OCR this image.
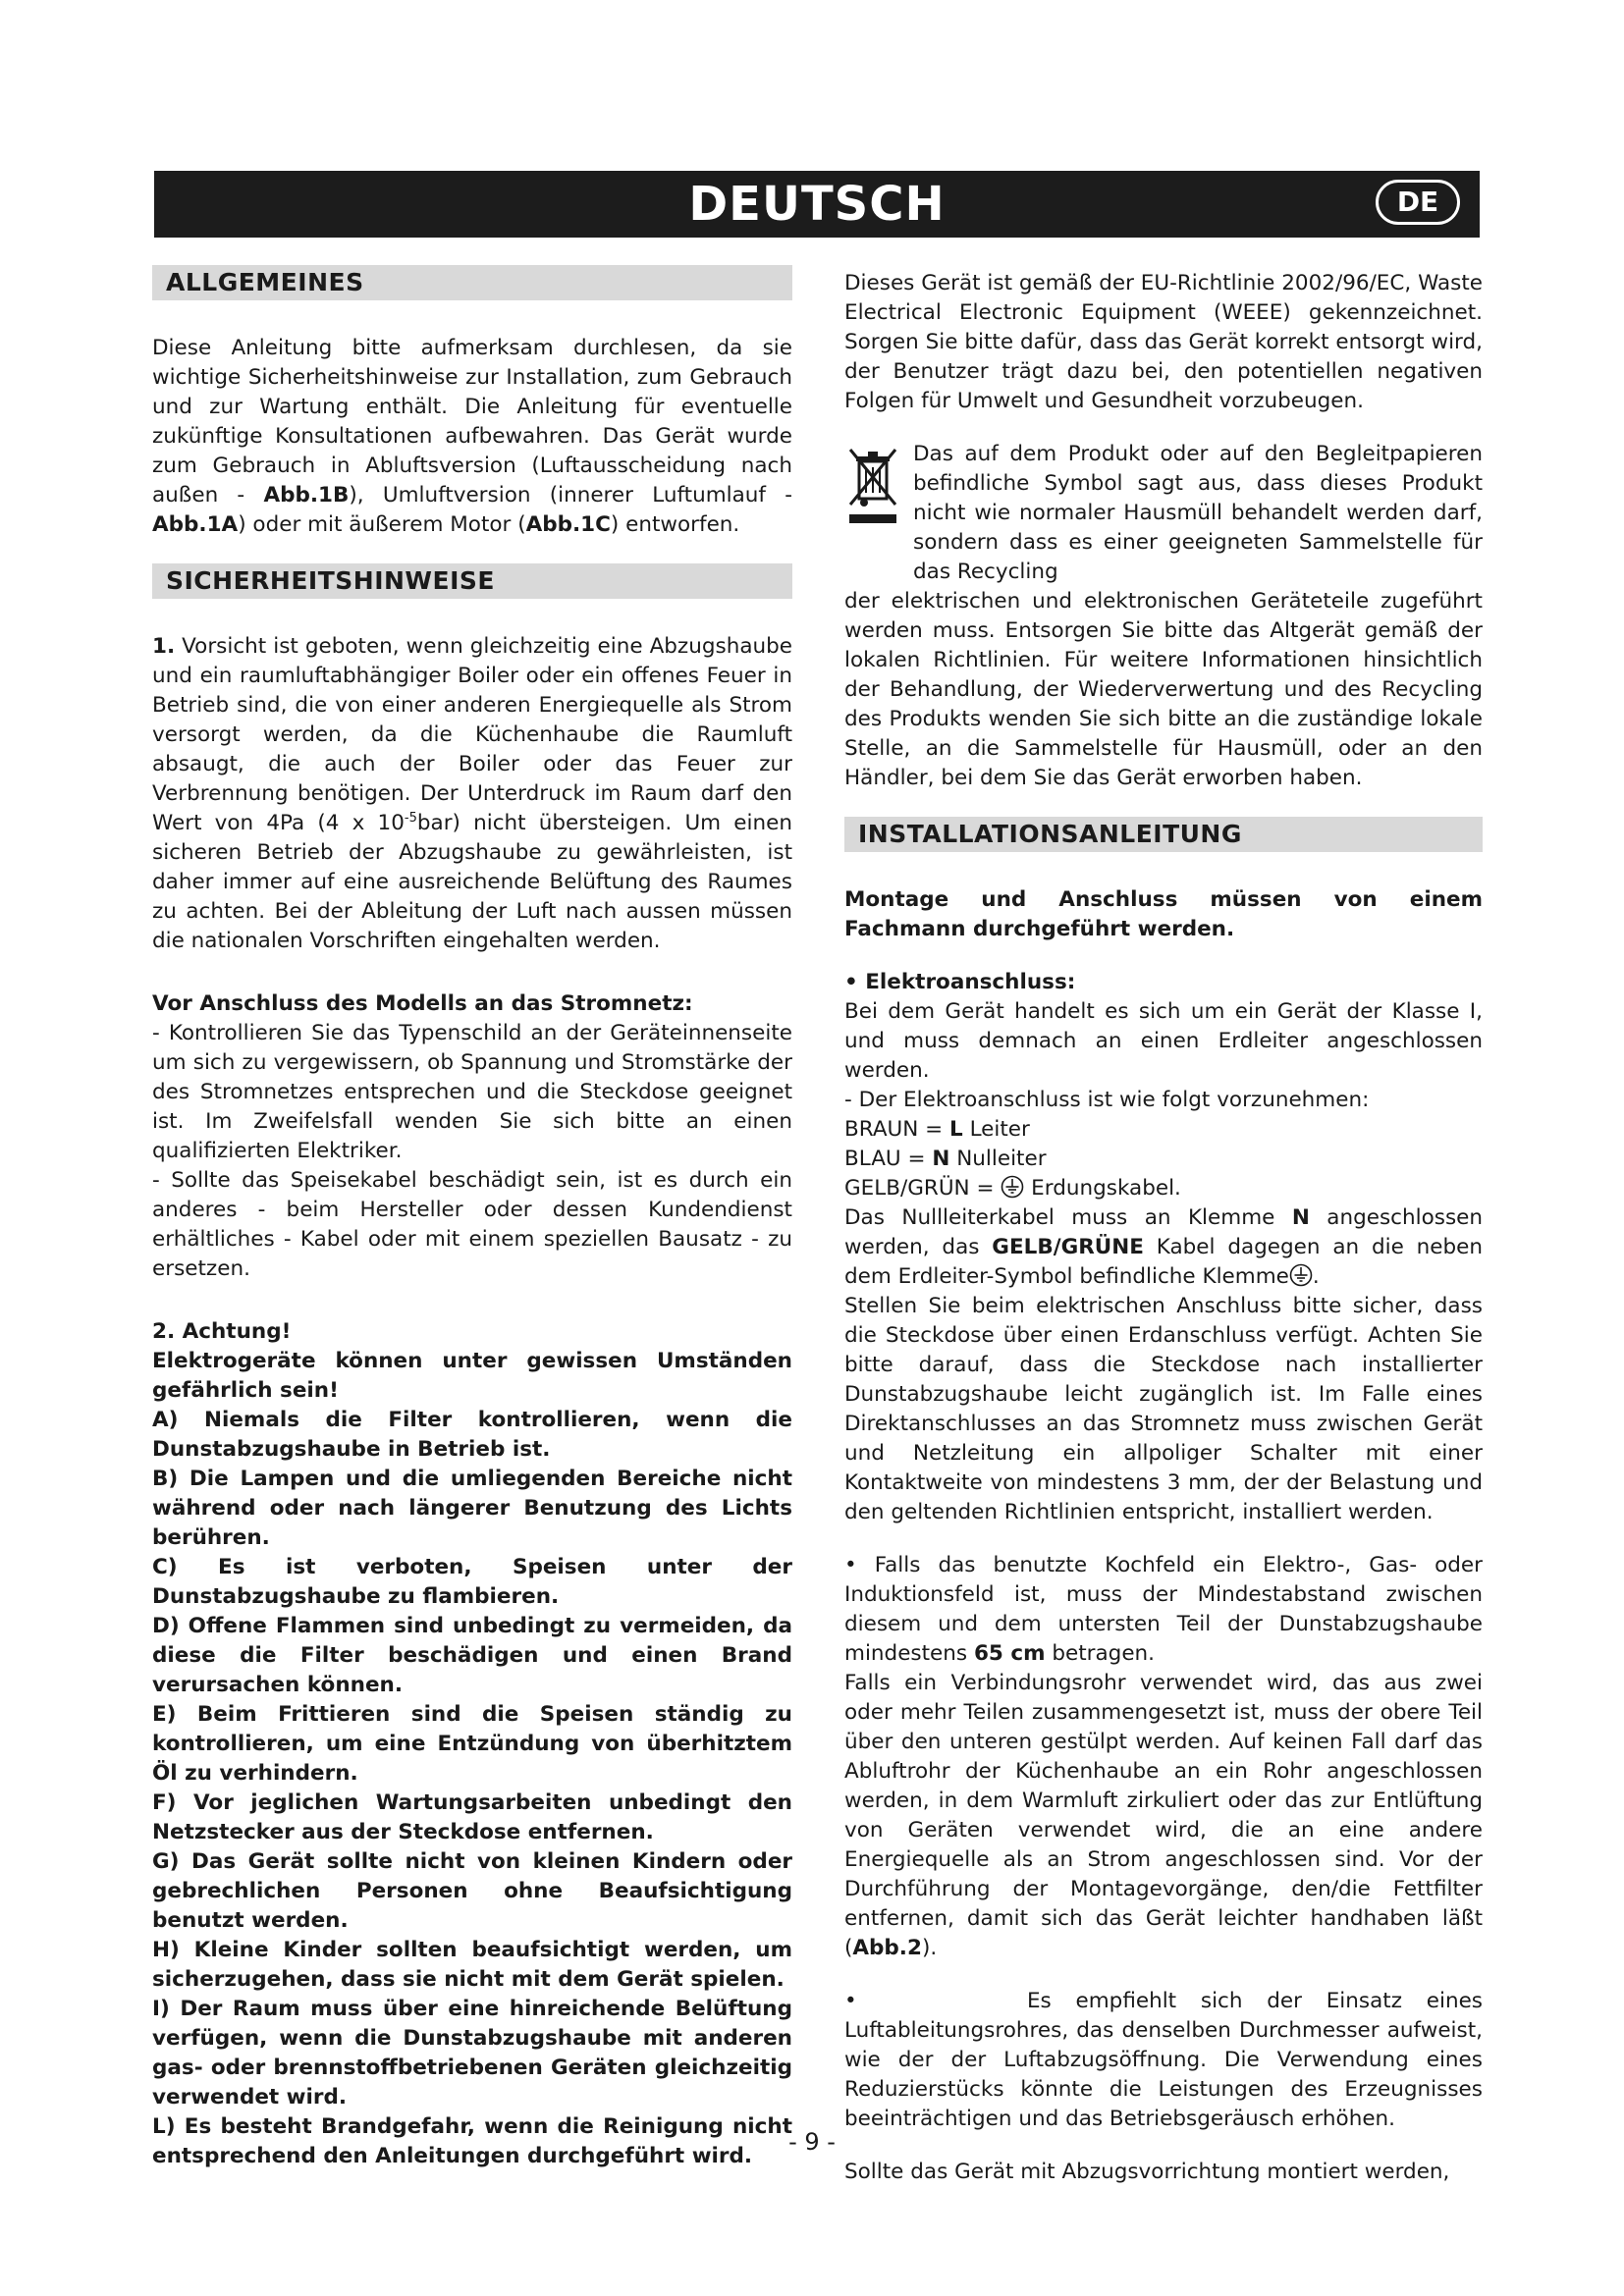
DEUTSCH	DE
ALLGEMEINES

Diese Anleitung bitte aufmerksam durchlesen, da sie wichtige Sicherheitshinweise zur Installation, zum Gebrauch und zur Wartung enthält. Die Anleitung für eventuelle zukünftige Konsultationen aufbewahren. Das Gerät wurde zum Gebrauch in Abluftsversion (Luftausscheidung nach außen - Abb.1B), Umluftversion (innerer Luftumlauf - Abb.1A) oder mit äußerem Motor (Abb.1C) entworfen.

SICHERHEITSHINWEISE

1. Vorsicht ist geboten, wenn gleichzeitig eine Abzugshaube und ein raumluftabhängiger Boiler oder ein offenes Feuer in Betrieb sind, die von einer anderen Energiequelle als Strom versorgt werden, da die Küchenhaube die Raumluft absaugt, die auch der Boiler oder das Feuer zur Verbrennung benötigen. Der Unterdruck im Raum darf den Wert von 4Pa (4 x $10^{-5}bar$) nicht übersteigen. Um einen sicheren Betrieb der Abzugshaube zu gewährleisten, ist daher immer auf eine ausreichende Belüftung des Raumes zu achten. Bei der Ableitung der Luft nach aussen müssen die nationalen Vorschriften eingehalten werden.

Vor Anschluss des Modells an das Stromnetz:

- Kontrollieren Sie das Typenschild an der Geräteinnenseite um sich zu vergewissern, ob Spannung und Stromstärke der des Stromnetzes entsprechen und die Steckdose geeignet ist. Im Zweifelsfall wenden Sie sich bitte an einen qualifizierten Elektriker.

- Sollte das Speisekabel beschädigt sein, ist es durch ein anderes - beim Hersteller oder dessen Kundendienst erhältliches - Kabel oder mit einem speziellen Bausatz - zu ersetzen.

2. Achtung!

Elektrogeräte können unter gewissen Umständen gefährlich sein!

A) Niemals die Filter kontrollieren, wenn die Dunstabzugshaube in Betrieb ist.

B) Die Lampen und die umliegenden Bereiche nicht während oder nach längerer Benutzung des Lichts berühren.

C) Es ist verboten, Speisen unter der Dunstabzugshaube zu flambieren.

D) Offene Flammen sind unbedingt zu vermeiden, da diese die Filter beschädigen und einen Brand verursachen können.

E) Beim Frittieren sind die Speisen ständig zu kontrollieren, um eine Entzündung von überhitztem Öl zu verhindern.

F) Vor jeglichen Wartungsarbeiten unbedingt den Netzstecker aus der Steckdose entfernen.

G) Das Gerät sollte nicht von kleinen Kindern oder gebrechlichen Personen ohne Beaufsichtigung benutzt werden.

H) Kleine Kinder sollten beaufsichtigt werden, um sicherzugehen, dass sie nicht mit dem Gerät spielen.

I) Der Raum muss über eine hinreichende Belüftung verfügen, wenn die Dunstabzugshaube mit anderen gas- oder brennstoffbetriebenen Geräten gleichzeitig verwendet wird.

L) Es besteht Brandgefahr, wenn die Reinigung nicht entsprechend den Anleitungen durchgeführt wird.

Dieses Gerät ist gemäß der EU-Richtlinie 2002/96/EC, Waste Electrical Electronic Equipment (WEEE) gekennzeichnet. Sorgen Sie bitte dafür, dass das Gerät korrekt entsorgt wird, der Benutzer trägt dazu bei, den potentiellen negativen Folgen für Umwelt und Gesundheit vorzubeugen.

Das auf dem Produkt oder auf den Begleitpapieren befindliche Symbol sagt aus, dass dieses Produkt nicht wie normaler Hausmüll behandelt werden darf, sondern dass es einer geeigneten Sammelstelle für das Recycling

der elektrischen und elektronischen Geräteteile zugeführt werden muss. Entsorgen Sie bitte das Altgerät gemäß der lokalen Richtlinien. Für weitere Informationen hinsichtlich der Behandlung, der Wiederverwertung und des Recycling des Produkts wenden Sie sich bitte an die zuständige lokale Stelle, an die Sammelstelle für Hausmüll, oder an den Händler, bei dem Sie das Gerät erworben haben.

INSTALLATIONSANLEITUNG

Montage und Anschluss müssen von einem Fachmann durchgeführt werden.

• Elektroanschluss:

Bei dem Gerät handelt es sich um ein Gerät der Klasse I, und muss demnach an einen Erdleiter angeschlossen werden.

- Der Elektroanschluss ist wie folgt vorzunehmen:

BRAUN = L Leiter

BLAU = N Nulleiter

GELB/GRÜN =  Erdungskabel.

Das Nullleiterkabel muss an Klemme N angeschlossen werden, das GELB/GRÜNE Kabel dagegen an die neben dem Erdleiter-Symbol befindliche Klemme .

Stellen Sie beim elektrischen Anschluss bitte sicher, dass die Steckdose über einen Erdanschluss verfügt. Achten Sie bitte darauf, dass die Steckdose nach installierter Dunstabzugshaube leicht zugänglich ist. Im Falle eines Direktanschlusses an das Stromnetz muss zwischen Gerät und Netzleitung ein allpoliger Schalter mit einer Kontaktweite von mindestens 3 mm, der der Belastung und den geltenden Richtlinien entspricht, installiert werden.

• Falls das benutzte Kochfeld ein Elektro-, Gas- oder Induktionsfeld ist, muss der Mindestabstand zwischen diesem und dem untersten Teil der Dunstabzugshaube mindestens 65 cm betragen.

Falls ein Verbindungsrohr verwendet wird, das aus zwei oder mehr Teilen zusammengesetzt ist, muss der obere Teil über den unteren gestülpt werden. Auf keinen Fall darf das Abluftrohr der Küchenhaube an ein Rohr angeschlossen werden, in dem Warmluft zirkuliert oder das zur Entlüftung von Geräten verwendet wird, die an eine andere Energiequelle als an Strom angeschlossen sind. Vor der Durchführung der Montagevorgänge, den/die Fettfilter entfernen, damit sich das Gerät leichter handhaben läßt (Abb.2).

•       Es empfiehlt sich der Einsatz eines Luftableitungsrohres, das denselben Durchmesser aufweist, wie der der Luftabzugsöffnung. Die Verwendung eines Reduzierstücks könnte die Leistungen des Erzeugnisses beeinträchtigen und das Betriebsgeräusch erhöhen.

Sollte das Gerät mit Abzugsvorrichtung montiert werden,

- 9 -
